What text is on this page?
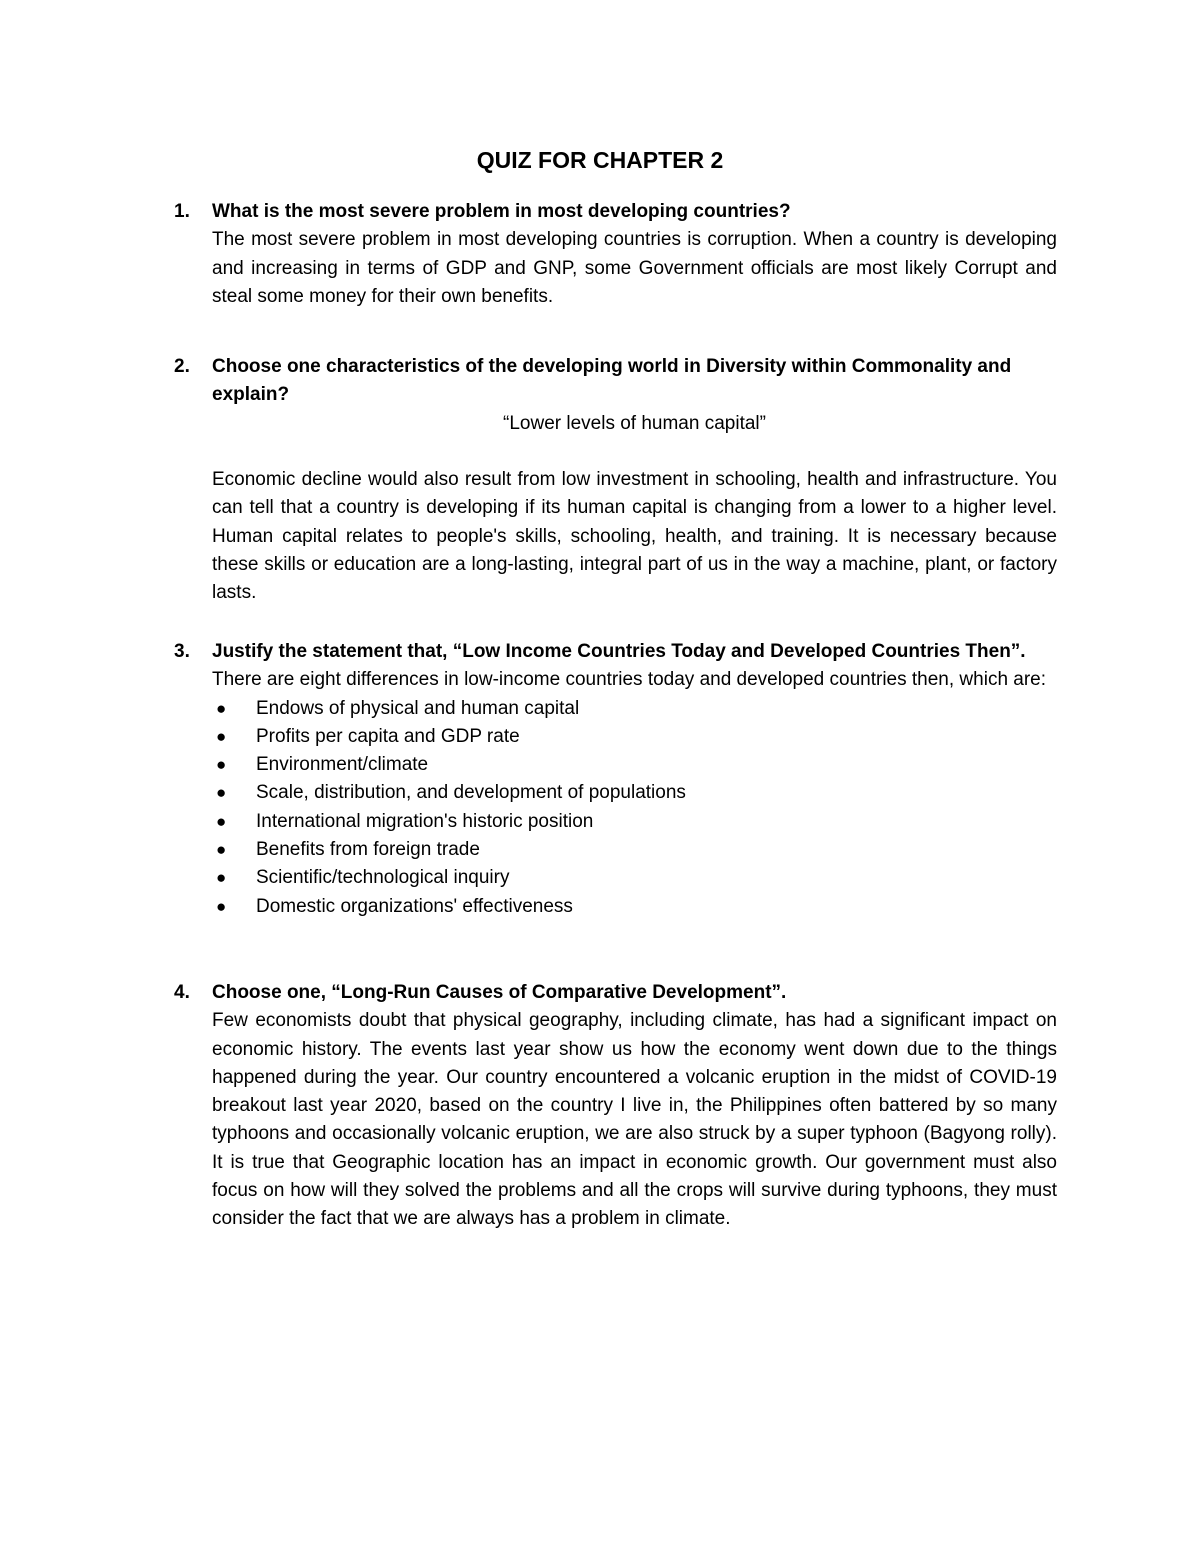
QUIZ FOR CHAPTER 2
1. What is the most severe problem in most developing countries?

The most severe problem in most developing countries is corruption. When a country is developing and increasing in terms of GDP and GNP, some Government officials are most likely Corrupt and steal some money for their own benefits.

2. Choose one characteristics of the developing world in Diversity within Commonality and explain?

“Lower levels of human capital”

Economic decline would also result from low investment in schooling, health and infrastructure. You can tell that a country is developing if its human capital is changing from a lower to a higher level. Human capital relates to people's skills, schooling, health, and training. It is necessary because these skills or education are a long-lasting, integral part of us in the way a machine, plant, or factory lasts.

3. Justify the statement that, “Low Income Countries Today and Developed Countries Then”.

There are eight differences in low-income countries today and developed countries then, which are:

● Endows of physical and human capital
● Profits per capita and GDP rate
● Environment/climate
● Scale, distribution, and development of populations
● International migration's historic position
● Benefits from foreign trade
● Scientific/technological inquiry
● Domestic organizations' effectiveness
4. Choose one, “Long-Run Causes of Comparative Development”.

Few economists doubt that physical geography, including climate, has had a significant impact on economic history. The events last year show us how the economy went down due to the things happened during the year. Our country encountered a volcanic eruption in the midst of COVID-19 breakout last year 2020, based on the country I live in, the Philippines often battered by so many typhoons and occasionally volcanic eruption, we are also struck by a super typhoon (Bagyong rolly). It is true that Geographic location has an impact in economic growth. Our government must also focus on how will they solved the problems and all the crops will survive during typhoons, they must consider the fact that we are always has a problem in climate.
